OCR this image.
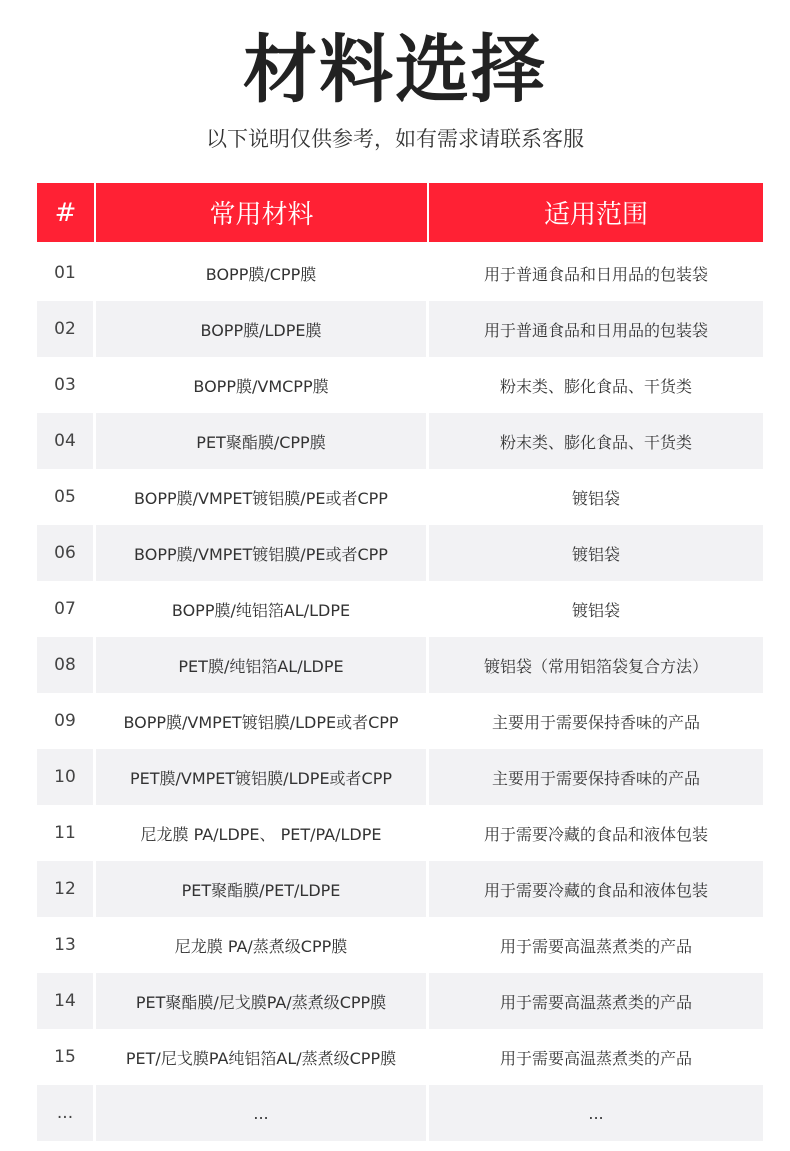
材料选择
以下说明仅供参考，如有需求请联系客服
#	常用材料	适用范围
01	BOPP膜/CPP膜	用于普通食品和日用品的包装袋
02	BOPP膜/LDPE膜	用于普通食品和日用品的包装袋
03	BOPP膜/VMCPP膜	粉末类、膨化食品、干货类
04	PET聚酯膜/CPP膜	粉末类、膨化食品、干货类
05	BOPP膜/VMPET镀铝膜/PE或者CPP	镀铝袋
06	BOPP膜/VMPET镀铝膜/PE或者CPP	镀铝袋
07	BOPP膜/纯铝箔AL/LDPE	镀铝袋
08	PET膜/纯铝箔AL/LDPE	镀铝袋（常用铝箔袋复合方法）
09	BOPP膜/VMPET镀铝膜/LDPE或者CPP	主要用于需要保持香味的产品
10	PET膜/VMPET镀铝膜/LDPE或者CPP	主要用于需要保持香味的产品
11	尼龙膜 PA/LDPE、 PET/PA/LDPE	用于需要冷藏的食品和液体包装
12	PET聚酯膜/PET/LDPE	用于需要冷藏的食品和液体包装
13	尼龙膜 PA/蒸煮级CPP膜	用于需要高温蒸煮类的产品
14	PET聚酯膜/尼戈膜PA/蒸煮级CPP膜	用于需要高温蒸煮类的产品
15	PET/尼戈膜PA纯铝箔AL/蒸煮级CPP膜	用于需要高温蒸煮类的产品
...	...	...
